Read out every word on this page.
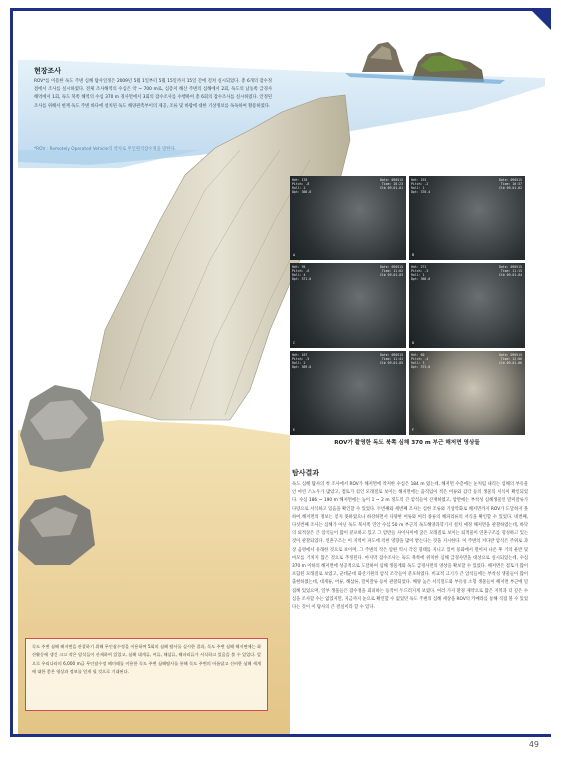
현장조사
ROV*를 이용한 독도 주변 심해 탐사일정은 2009년 5월 1일부터 5월 15일까지 15일 간에 걸쳐 실시되었다. 총 6개의 잠수정점에서 조사를 실시하였다. 전체 조사해역의 수심은 약 ~ 700 m로, 심층저 해산 주변의 심해에서 2회, 독도의 남동쪽 급경사 해역에서 1회, 독도 북쪽 해역의 수심 370 m 경사면에서 3회의 잠수조사를 수행하여 총 6회의 잠수조사를 실시하였다. 안정된 조사를 위해서 현재 독도 주변 바다에 설치된 독도 해양관측부이의 제공, 조류 및 바람에 대한 기상정보를 독독하여 활용하였다.
*ROV : Remotely Operated Vehicle의 약자로 무인원격잠수정을 말한다.
Hdt: 176
Pitch: -8
Roll: 2
Dpt: 366.0
Date: 090515
Time: 10:23
Ctb 09-01-01
A
Hdt: 191
Pitch: -2
Roll: 1
Dpt: 370.4
Date: 090515
Time: 10:37
Ctb 09-01-02
B
Hdt: 95
Pitch: -6
Roll: 4
Dpt: 371.0
Date: 090515
Time: 11:02
Ctb 09-01-03
C
Hdt: 271
Pitch: -3
Roll: 1
Dpt: 368.0
Date: 090515
Time: 11:15
Ctb 09-01-04
D
Hdt: 167
Pitch: -5
Roll: 2
Dpt: 369.0
Date: 090515
Time: 11:41
Ctb 09-01-05
E
Hdt: 60
Pitch: -4
Roll: 3
Dpt: 373.0
Date: 090515
Time: 12:06
Ctb 09-01-06
F
ROV가 촬영한 독도 북쪽 심해 370 m 부근 해저면 영상들
탐사결과
독도 심해 탐사의 첫 조사에서 ROV가 해저면에 착저한 수심은 184 m 였는데, 해저면 수층에는 눈처럼 내리는 심해의 부유물인 마린 스노우가 많았고, 점토가 섞인 모래질로 보이는 해저면에는 움직임이 적은 어류와 갑각 등의 생물의 서식이 확인되었다. 수심 186 ~ 190 m 해저면에는 높이 1 ~ 2 m 정도의 큰 암석들이 산재하였고, 암반에는 부착성 심해생물인 말미잘류가 다량으로 서식하고 있음을 확인할 수 있었다. 두번째와 세번째 조사는 심한 조류와 기상악화로 해저면까지 ROV가 도달하지 못하여 해저면의 정보는 얻지 못하였으나 하강하면서 다양한 어류와 여러 종류의 해파리류의 서식을 확인할 수 있었다. 네번째, 다섯번째 조사는 심해가 아닌 독도 북서쪽 연안 수심 50 m 부근의 독도해양과학기지 설치 예정 해저면을 관찰하였는데, 바닥의 퇴적상은 큰 암석들이 많이 분포하고 있고 그 암반들 사이사이에 굵은 모래질로 보이는 퇴적물이 연흔구조를 형성하고 있는 것이 관찰되었다. 연흔구조는 이 지역이 파도에 의한 영향을 많이 받는다는 것을 지시한다. 이 주변의 커다란 암석은 주위로 과상 음영에서 유래한 것으로 보이며, 그 주변의 작은 암편 역시 각진 형태를 지니고 있어 풍화에서 떨어져 나온 후 거의 운반 및 마모를 거치지 않은 것으로 추정된다. 마지막 잠수조사는 독도 북쪽에 위치한 심해 급경사면을 대상으로 실시되었는데, 수심 370 m 이하의 해저면에 성공적으로 도달하여 심해 생물계와 독도 급경사면의 영상을 확보할 수 있었다. 해저면은 점토가 많이 포함된 모래질로 보였고, 군데군데 화산기원의 암석 조각들이 분포하였다. 비교적 크기가 큰 암석들에는 부착성 생물들이 많이 출현하였는데, 대게류, 어류, 해삼류, 말미잘류 등이 관찰되었다. 해양 높은 서식밀도와 부유성 소형 생물들이 해저면 부근에 밀집해 있었으며, 일부 생물들은 잠수정을 회피하는 등작이 두드러지게 보였다. 여러 가지 환경 제약으로 많은 지역과 더 깊은 수심을 조사할 수는 없었지만, 지금까지 눈으로 확인할 수 없었던 독도 주변의 심해 세상을 ROV의 카메라를 통해 직접 볼 수 있었다는 것이 이 탐사의 큰 결실이라 할 수 있다.

독도 주변 심해 해저면을 관찰하기 위해 무인잠수정을 이용하여 5회의 심해 탐사를 실시한 결과, 독도 주변 심해 해저면에는 화산활동에 생긴 크고 작은 암석들이 산재하여 있었고, 심해 대게류, 어류, 해삼류, 해파리류가 서식하고 있음을 볼 수 있었다. 앞으로 우리나라의 6,000 m급 무인잠수정 해미래를 이용한 독도 주변 심해탐사를 통해 독도 주변의 아름답고 신비한 심해 세계에 대한 좋은 영상과 정보를 얻게 될 것으로 기대된다.

49
